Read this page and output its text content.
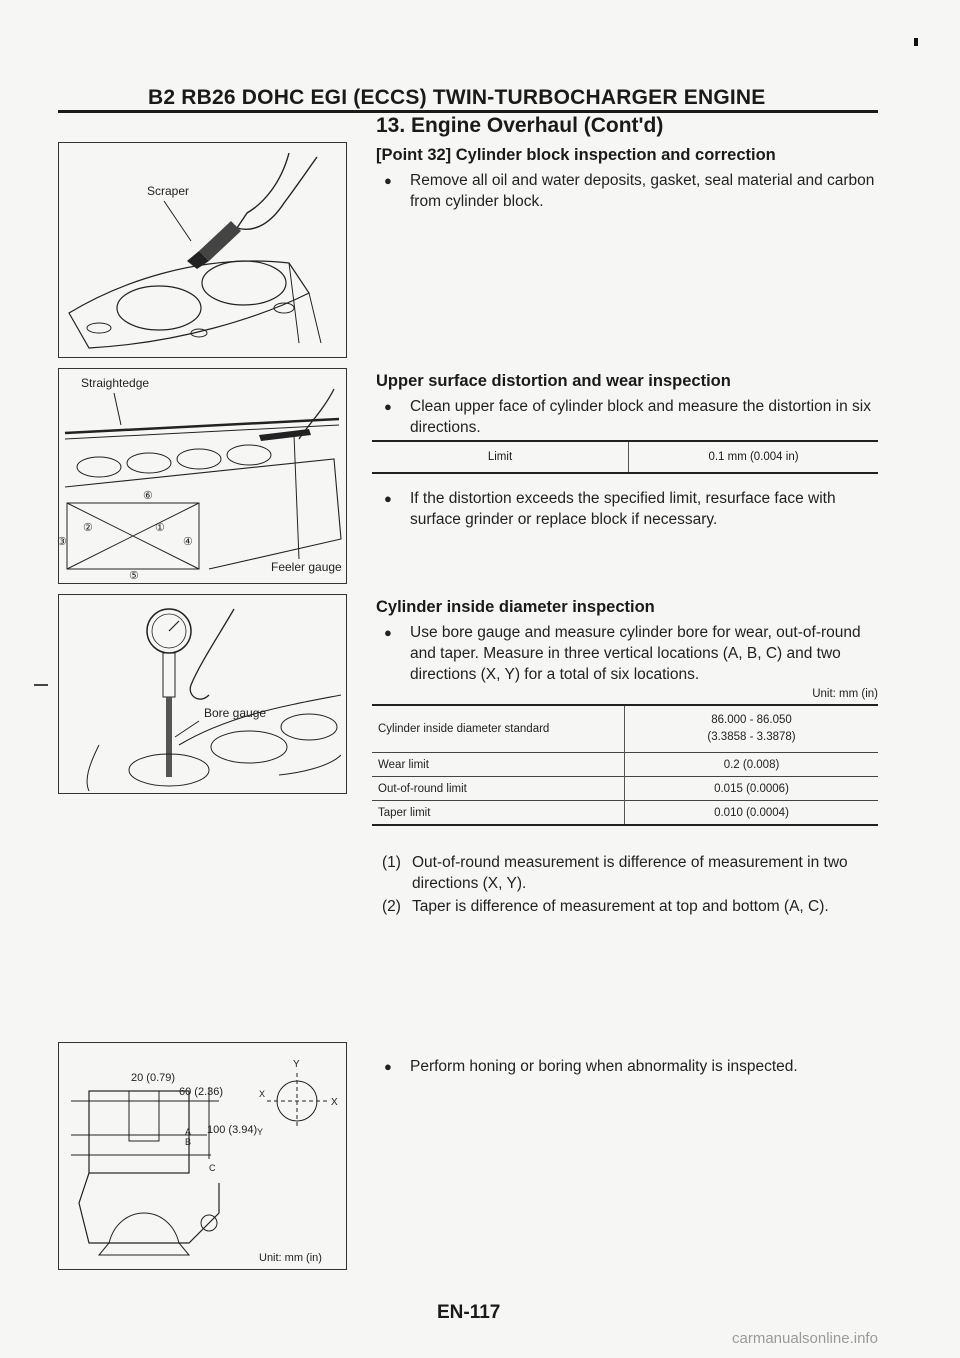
B2 RB26 DOHC EGI (ECCS) TWIN-TURBOCHARGER ENGINE
13. Engine Overhaul (Cont'd)
[Point 32] Cylinder block inspection and correction
● Remove all oil and water deposits, gasket, seal material and carbon from cylinder block.
Upper surface distortion and wear inspection
● Clean upper face of cylinder block and measure the distortion in six directions.
Limit	0.1 mm (0.004 in)
● If the distortion exceeds the specified limit, resurface face with surface grinder or replace block if necessary.
Cylinder inside diameter inspection
● Use bore gauge and measure cylinder bore for wear, out-of-round and taper. Measure in three vertical locations (A, B, C) and two directions (X, Y) for a total of six locations.
Unit: mm (in)
Cylinder inside diameter standard	86.000 - 86.050
(3.3858 - 3.3878)

Wear limit	0.2 (0.008)
Out-of-round limit	0.015 (0.0006)
Taper limit	0.010 (0.0004)
(1) Out-of-round measurement is difference of measurement in two directions (X, Y).
(2) Taper is difference of measurement at top and bottom (A, C).
● Perform honing or boring when abnormality is inspected.
Scraper
Straightedge
⑥
①
②
③	④
⑤
Feeler gauge
Bore gauge
20 (0.79)
60 (2.36)
100 (3.94)
A
B
C
Y
X
X
Y
Unit: mm (in)
EN-117
carmanualsonline.info
